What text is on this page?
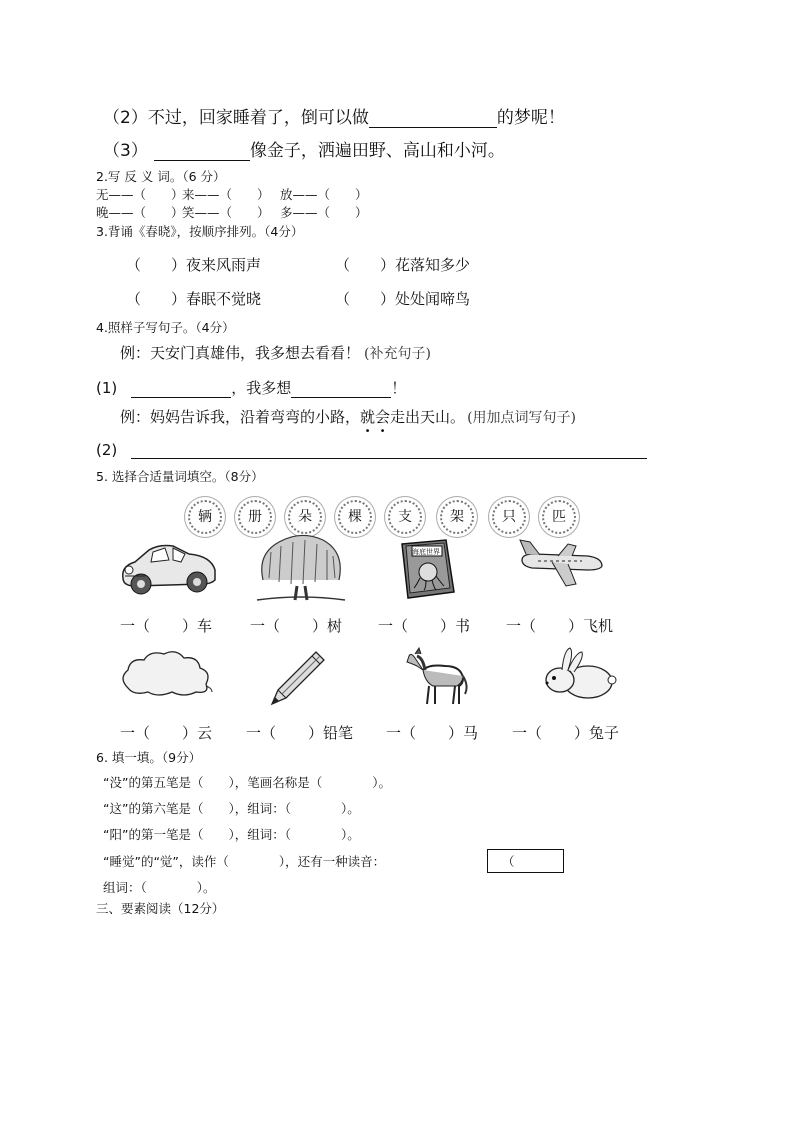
（2）不过，回家睡着了，倒可以做	的梦呢！
（3）	像金子，洒遍田野、高山和小河。
2.写 反 义 词。（6 分）
无——（　　）来——（　　） 放——（　　）
晚——（　　）笑——（　　） 多——（　　）
3.背诵《春晓》，按顺序排列。（4分）
（　　）夜来风雨声	（　　）花落知多少
（　　）春眠不觉晓	（　　）处处闻啼鸟
4.照样子写句子。（4分）
例：天安门真雄伟，我多想去看看！ (补充句子)
(1)	，我多想	！
例：妈妈告诉我，沿着弯弯的小路，就会走出天山。 (用加点词写句子)
(2)
5. 选择合适量词填空。（8分）
辆	册	朵	棵	支	架	只	匹
海底世界
一（ ）车	一（ ）树 一（ ）书 一（ ）飞机
一（ ）云 一（ ）铅笔 一（ ）马 一（ ）兔子
6. 填一填。（9分）
“没”的第五笔是（　　），笔画名称是（　　　　）。
“这”的第六笔是（　　），组词：（　　　　）。
“阳”的第一笔是（　　），组词：（　　　　）。
“睡觉”的“觉”，读作（　　　　），还有一种读音：	（
组词：（　　　　）。
三、要素阅读（12分）
